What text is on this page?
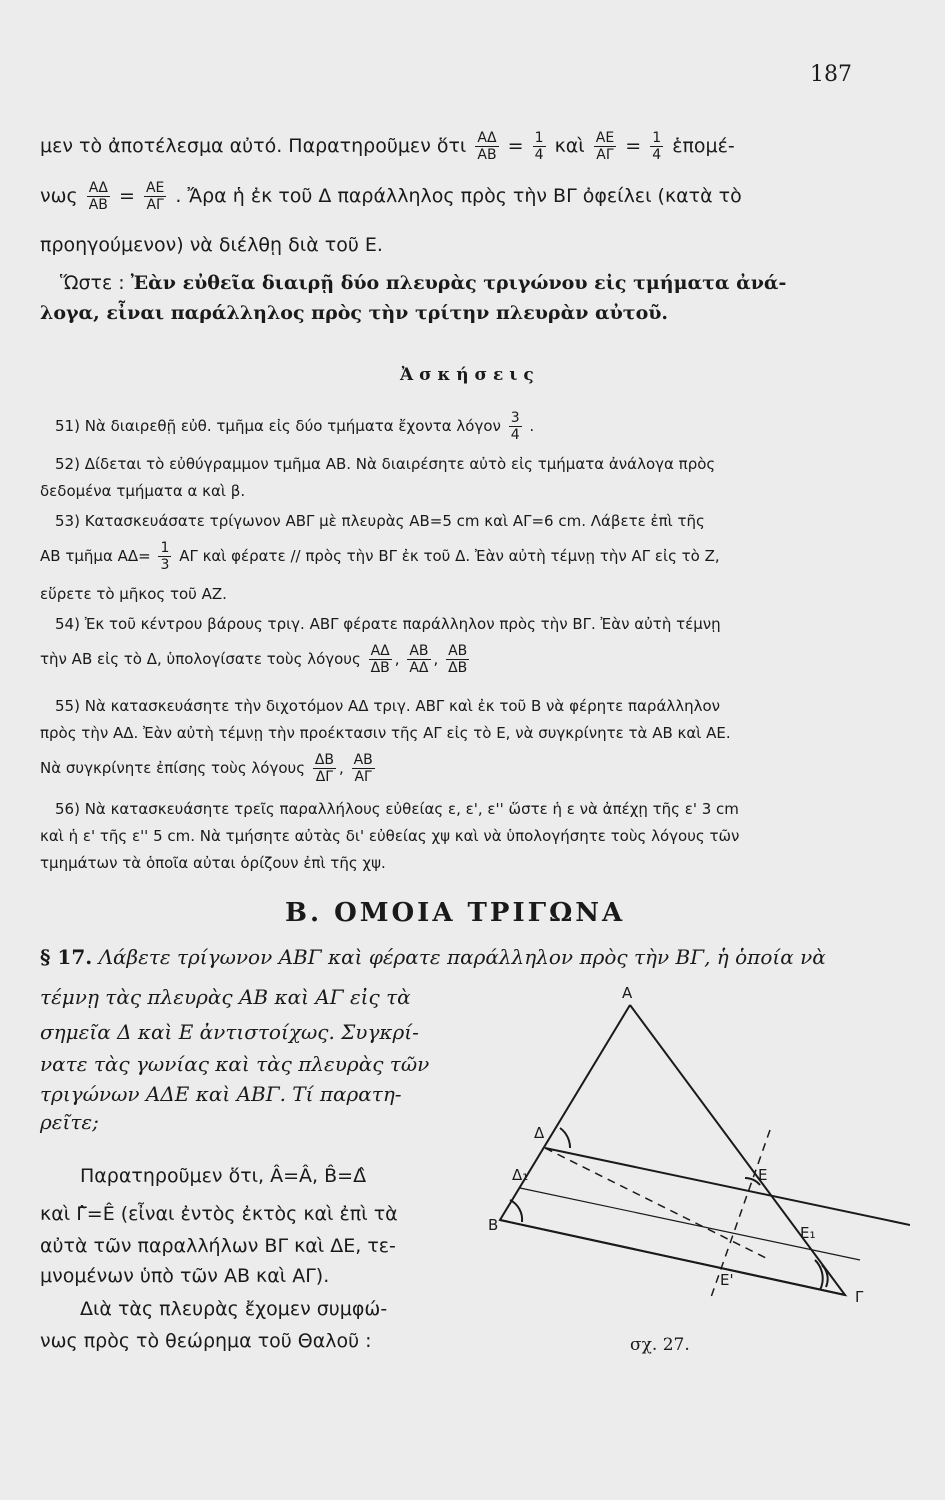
187
μεν τὸ ἀποτέλεσμα αὐτό. Παρατηροῦμεν ὅτι $\frac{A\Delta}{AB} = \frac{1}{4}$ καὶ $\frac{AE}{A\Gamma} = \frac{1}{4}$ ἑπομέ-
νως $\frac{A\Delta}{AB} = \frac{AE}{A\Gamma}$ . Ἄρα ἡ ἐκ τοῦ Δ παράλληλος πρὸς τὴν ΒΓ ὀφείλει (κατὰ τὸ
προηγούμενον) νὰ διέλθῃ διὰ τοῦ Ε.
Ὥστε : Ἐὰν εὐθεῖα διαιρῇ δύο πλευρὰς τριγώνου εἰς τμήματα ἀνά-
λογα, εἶναι παράλληλος πρὸς τὴν τρίτην πλευρὰν αὐτοῦ.
Ἀ σ κ ή σ ε ι ς
51) Νὰ διαιρεθῇ εὐθ. τμῆμα εἰς δύο τμήματα ἔχοντα λόγον $\frac{3}{4}$ .
52) Δίδεται τὸ εὐθύγραμμον τμῆμα ΑΒ. Νὰ διαιρέσητε αὐτὸ εἰς τμήματα ἀνάλογα πρὸς
δεδομένα τμήματα α καὶ β.
53) Κατασκευάσατε τρίγωνον ΑΒΓ μὲ πλευρὰς ΑΒ=5 cm καὶ ΑΓ=6 cm. Λάβετε ἐπὶ τῆς
ΑΒ τμῆμα $A\Delta= \frac{1}{3}$ ΑΓ καὶ φέρατε // πρὸς τὴν ΒΓ ἐκ τοῦ Δ. Ἐὰν αὐτὴ τέμνῃ τὴν ΑΓ εἰς τὸ Ζ,
εὕρετε τὸ μῆκος τοῦ ΑΖ.
54) Ἐκ τοῦ κέντρου βάρους τριγ. ΑΒΓ φέρατε παράλληλον πρὸς τὴν ΒΓ. Ἐὰν αὐτὴ τέμνῃ
τὴν ΑΒ εἰς τὸ Δ, ὑπολογίσατε τοὺς λόγους $\frac{A\Delta}{\Delta B}$ , $\frac{AB}{A\Delta}$ , $\frac{AB}{\Delta B}$
55) Νὰ κατασκευάσητε τὴν διχοτόμον ΑΔ τριγ. ΑΒΓ καὶ ἐκ τοῦ Β νὰ φέρητε παράλληλον
πρὸς τὴν ΑΔ. Ἐὰν αὐτὴ τέμνῃ τὴν προέκτασιν τῆς ΑΓ εἰς τὸ Ε, νὰ συγκρίνητε τὰ ΑΒ καὶ ΑΕ.
Νὰ συγκρίνητε ἐπίσης τοὺς λόγους $\frac{\Delta B}{\Delta\Gamma}$ , $\frac{AB}{A\Gamma}$
56) Νὰ κατασκευάσητε τρεῖς παραλλήλους εὐθείας ε, ε', ε'' ὥστε ἡ ε νὰ ἀπέχῃ τῆς ε' 3 cm
καὶ ἡ ε' τῆς ε'' 5 cm. Νὰ τμήσητε αὐτὰς δι' εὐθείας χψ καὶ νὰ ὑπολογήσητε τοὺς λόγους τῶν
τμημάτων τὰ ὁποῖα αὐται ὁρίζουν ἐπὶ τῆς χψ.
Β. ΟΜΟΙΑ ΤΡΙΓΩΝΑ
§ 17. Λάβετε τρίγωνον ΑΒΓ καὶ φέρατε παράλληλον πρὸς τὴν ΒΓ, ἡ ὁποία νὰ
τέμνῃ τὰς πλευρὰς ΑΒ καὶ ΑΓ εἰς τὰ
σημεῖα Δ καὶ Ε ἀντιστοίχως. Συγκρί-
νατε τὰς γωνίας καὶ τὰς πλευρὰς τῶν
τριγώνων ΑΔΕ καὶ ΑΒΓ. Τί παρατη-
ρεῖτε;
Παρατηροῦμεν ὅτι, Â=Â, B̂=Δ̂
καὶ Γ̂=Ê (εἶναι ἐντὸς ἐκτὸς καὶ ἐπὶ τὰ
αὐτὰ τῶν παραλλήλων ΒΓ καὶ ΔΕ, τε-
μνομένων ὑπὸ τῶν ΑΒ καὶ ΑΓ).
Διὰ τὰς πλευρὰς ἔχομεν συμφώ-
νως πρὸς τὸ θεώρημα τοῦ Θαλοῦ :
Α
Δ
Δ₁
Β
Ε
Ε₁
Ε'
Γ
σχ. 27.
